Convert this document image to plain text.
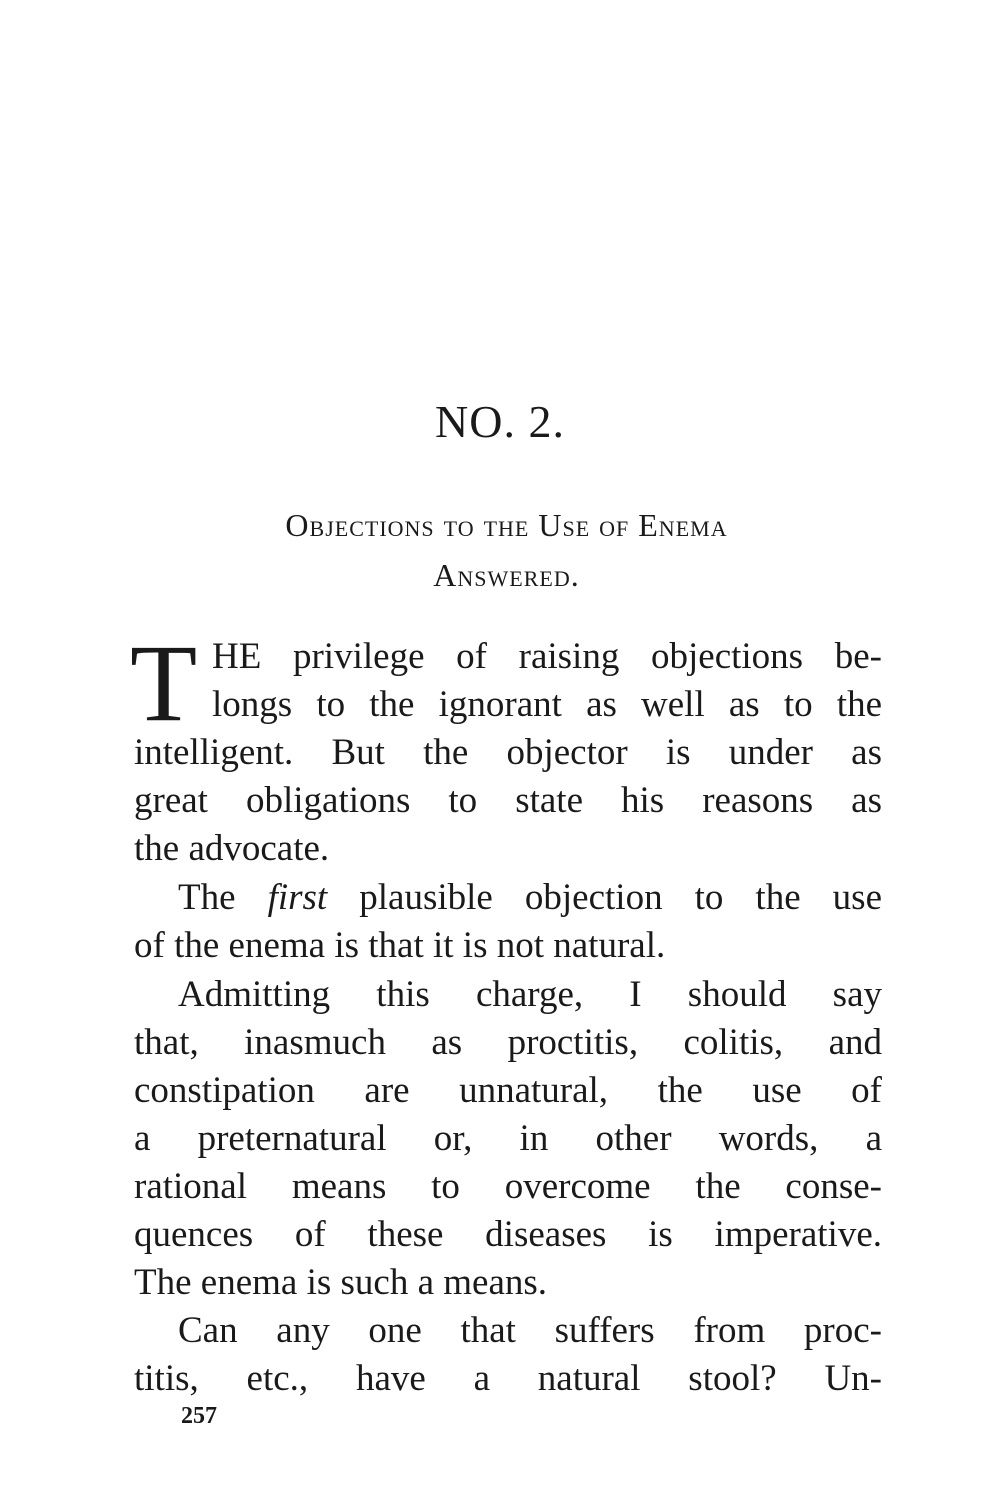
NO. 2.
Objections to the Use of Enema
Answered.
T HE privilege of raising objections be-
longs to the ignorant as well as to the
intelligent. But the objector is under as
great obligations to state his reasons as
the advocate.
The first plausible objection to the use
of the enema is that it is not natural.
Admitting this charge, I should say
that, inasmuch as proctitis, colitis, and
constipation are unnatural, the use of
a preternatural or, in other words, a
rational means to overcome the conse-
quences of these diseases is imperative.
The enema is such a means.
Can any one that suffers from proc-
titis, etc., have a natural stool? Un-
257
